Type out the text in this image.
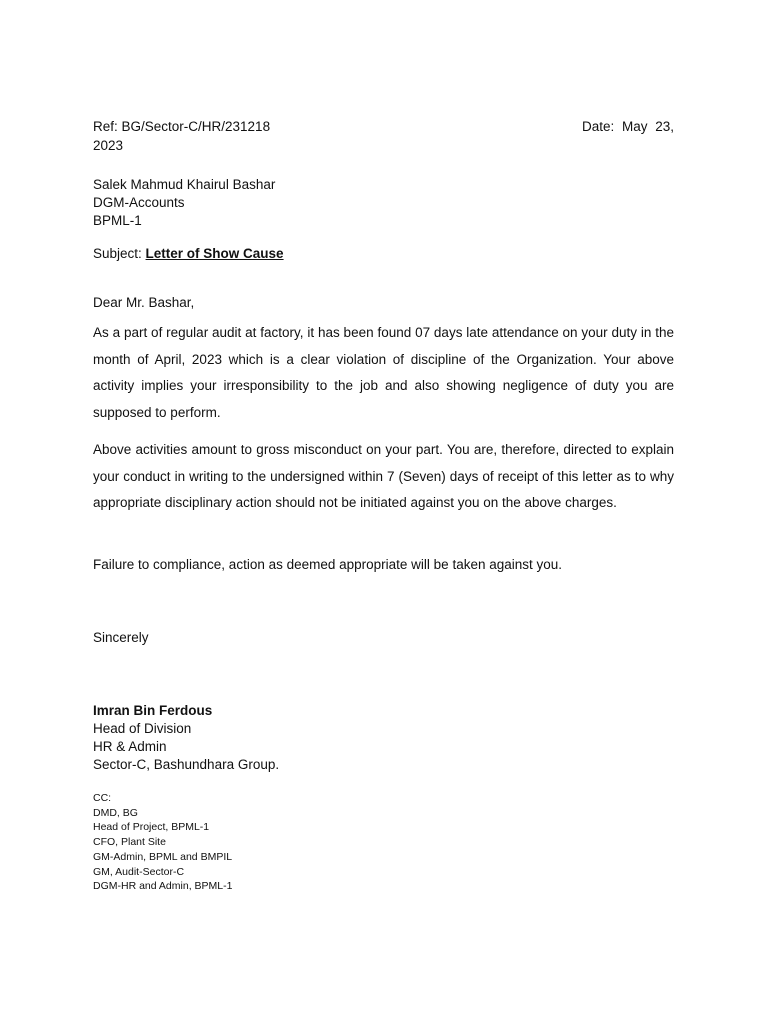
Ref: BG/Sector-C/HR/231218	Date: May 23,
2023
Salek Mahmud Khairul Bashar
DGM-Accounts
BPML-1
Subject: Letter of Show Cause
Dear Mr. Bashar,
As a part of regular audit at factory, it has been found 07 days late attendance on your duty in the month of April, 2023 which is a clear violation of discipline of the Organization. Your above activity implies your irresponsibility to the job and also showing negligence of duty you are supposed to perform.
Above activities amount to gross misconduct on your part. You are, therefore, directed to explain your conduct in writing to the undersigned within 7 (Seven) days of receipt of this letter as to why appropriate disciplinary action should not be initiated against you on the above charges.
Failure to compliance, action as deemed appropriate will be taken against you.
Sincerely
Imran Bin Ferdous
Head of Division
HR & Admin
Sector-C, Bashundhara Group.
CC:
DMD, BG
Head of Project, BPML-1
CFO, Plant Site
GM-Admin, BPML and BMPIL
GM, Audit-Sector-C
DGM-HR and Admin, BPML-1
